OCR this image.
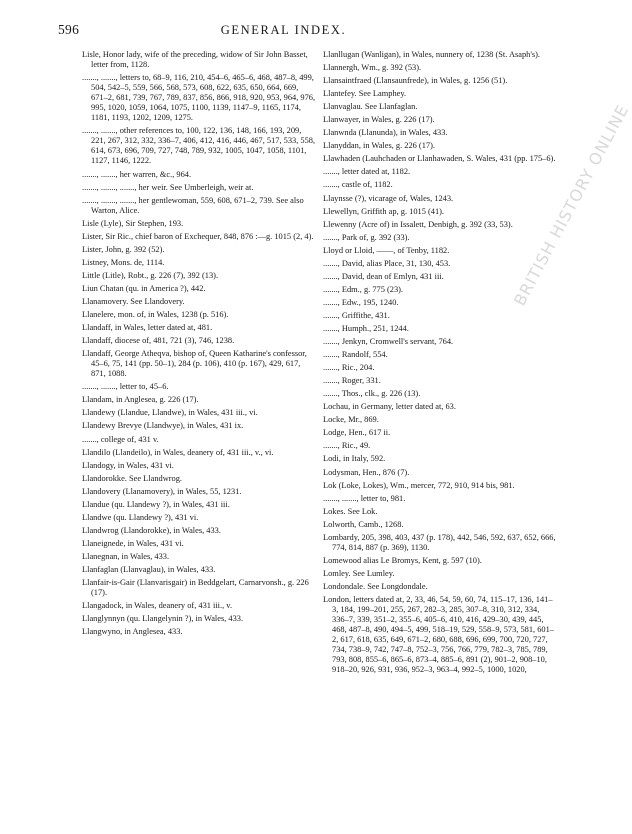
596	GENERAL INDEX.
BRITISH HISTORY ONLINE
Lisle, Honor lady, wife of the preceding, widow of Sir John Basset, letter from, 1128.
......., ......., letters to, 68–9, 116, 210, 454–6, 465–6, 468, 487–8, 499, 504, 542–5, 559, 566, 568, 573, 608, 622, 635, 650, 664, 669, 671–2, 681, 739, 767, 789, 837, 856, 866, 918, 920, 953, 964, 976, 995, 1020, 1059, 1064, 1075, 1100, 1139, 1147–9, 1165, 1174, 1181, 1193, 1202, 1209, 1275.
......., ......., other references to, 100, 122, 136, 148, 166, 193, 209, 221, 267, 312, 332, 336–7, 406, 412, 416, 446, 467, 517, 533, 558, 614, 673, 696, 709, 727, 748, 789, 932, 1005, 1047, 1058, 1101, 1127, 1146, 1222.
......., ......., her warren, &c., 964.
......., ......., ......., her weir. See Umberleigh, weir at.
......., ......., ......., her gentlewoman, 559, 608, 671–2, 739. See also Warton, Alice.
Lisle (Lyle), Sir Stephen, 193.
Lister, Sir Ric., chief baron of Exchequer, 848, 876 :—g. 1015 (2, 4).
Lister, John, g. 392 (52).
Listney, Mons. de, 1114.
Little (Litle), Robt., g. 226 (7), 392 (13).
Liun Chatan (qu. in America ?), 442.
Llanamovery. See Llandovery.
Llanelere, mon. of, in Wales, 1238 (p. 516).
Llandaff, in Wales, letter dated at, 481.
Llandaff, diocese of, 481, 721 (3), 746, 1238.
Llandaff, George Atheqva, bishop of, Queen Katharine's confessor, 45–6, 75, 141 (pp. 50–1), 284 (p. 106), 410 (p. 167), 429, 617, 871, 1088.
......., ......., letter to, 45–6.
Llandam, in Anglesea, g. 226 (17).
Llandewy (Llandue, Llandwe), in Wales, 431 iii., vi.
Llandewy Brevye (Llandwye), in Wales, 431 ix.
......., college of, 431 v.
Llandilo (Llandeilo), in Wales, deanery of, 431 iii., v., vi.
Llandogy, in Wales, 431 vi.
Llandorokke. See Llandwrog.
Llandovery (Llanamovery), in Wales, 55, 1231.
Llandue (qu. Llandewy ?), in Wales, 431 iii.
Llandwe (qu. Llandewy ?), 431 vi.
Llandwrog (Llandorokke), in Wales, 433.
Llaneignede, in Wales, 431 vi.
Llanegnan, in Wales, 433.
Llanfaglan (Llanvaglau), in Wales, 433.
Llanfair-is-Gair (Llanvarisgair) in Beddgelart, Carnarvonsh., g. 226 (17).
Llangadock, in Wales, deanery of, 431 iii., v.
Llanglynnyn (qu. Llangelynin ?), in Wales, 433.
Llangwyno, in Anglesea, 433.
Llanllugan (Wanligan), in Wales, nunnery of, 1238 (St. Asaph's).
Llannergh, Wm., g. 392 (53).
Llansaintfraed (Llansaunfrede), in Wales, g. 1256 (51).
Llantefey. See Lamphey.
Llanvaglau. See Llanfaglan.
Llanwayer, in Wales, g. 226 (17).
Llanwnda (Llanunda), in Wales, 433.
Llanyddan, in Wales, g. 226 (17).
Llawhaden (Lauhchaden or Llanhawaden, S. Wales, 431 (pp. 175–6).
......., letter dated at, 1182.
......., castle of, 1182.
Llaynsse (?), vicarage of, Wales, 1243.
Llewellyn, Griffith ap, g. 1015 (41).
Llewenny (Acre of) in Issalett, Denbigh, g. 392 (33, 53).
......., Park of, g. 392 (33).
Lloyd or Lloid, ——, of Tenby, 1182.
......., David, alias Place, 31, 130, 453.
......., David, dean of Emlyn, 431 iii.
......., Edm., g. 775 (23).
......., Edw., 195, 1240.
......., Griffithe, 431.
......., Humph., 251, 1244.
......., Jenkyn, Cromwell's servant, 764.
......., Randolf, 554.
......., Ric., 204.
......., Roger, 331.
......., Thos., clk., g. 226 (13).
Lochau, in Germany, letter dated at, 63.
Locke, Mr., 869.
Lodge, Hen., 617 ii.
......., Ric., 49.
Lodi, in Italy, 592.
Lodysman, Hen., 876 (7).
Lok (Loke, Lokes), Wm., mercer, 772, 910, 914 bis, 981.
......., ......., letter to, 981.
Lokes. See Lok.
Lolworth, Camb., 1268.
Lombardy, 205, 398, 403, 437 (p. 178), 442, 546, 592, 637, 652, 666, 774, 814, 887 (p. 369), 1130.
Lomewood alias Le Bromys, Kent, g. 597 (10).
Lomley. See Lumley.
Londondale. See Longdondale.
London, letters dated at, 2, 33, 46, 54, 59, 60, 74, 115–17, 136, 141–3, 184, 199–201, 255, 267, 282–3, 285, 307–8, 310, 312, 334, 336–7, 339, 351–2, 355–6, 405–6, 410, 416, 429–30, 439, 445, 468, 487–8, 490, 494–5, 499, 518–19, 529, 558–9, 573, 581, 601–2, 617, 618, 635, 649, 671–2, 680, 688, 696, 699, 700, 720, 727, 734, 738–9, 742, 747–8, 752–3, 756, 766, 779, 782–3, 785, 789, 793, 808, 855–6, 865–6, 873–4, 885–6, 891 (2), 901–2, 908–10, 918–20, 926, 931, 936, 952–3, 963–4, 992–5, 1000, 1020,
